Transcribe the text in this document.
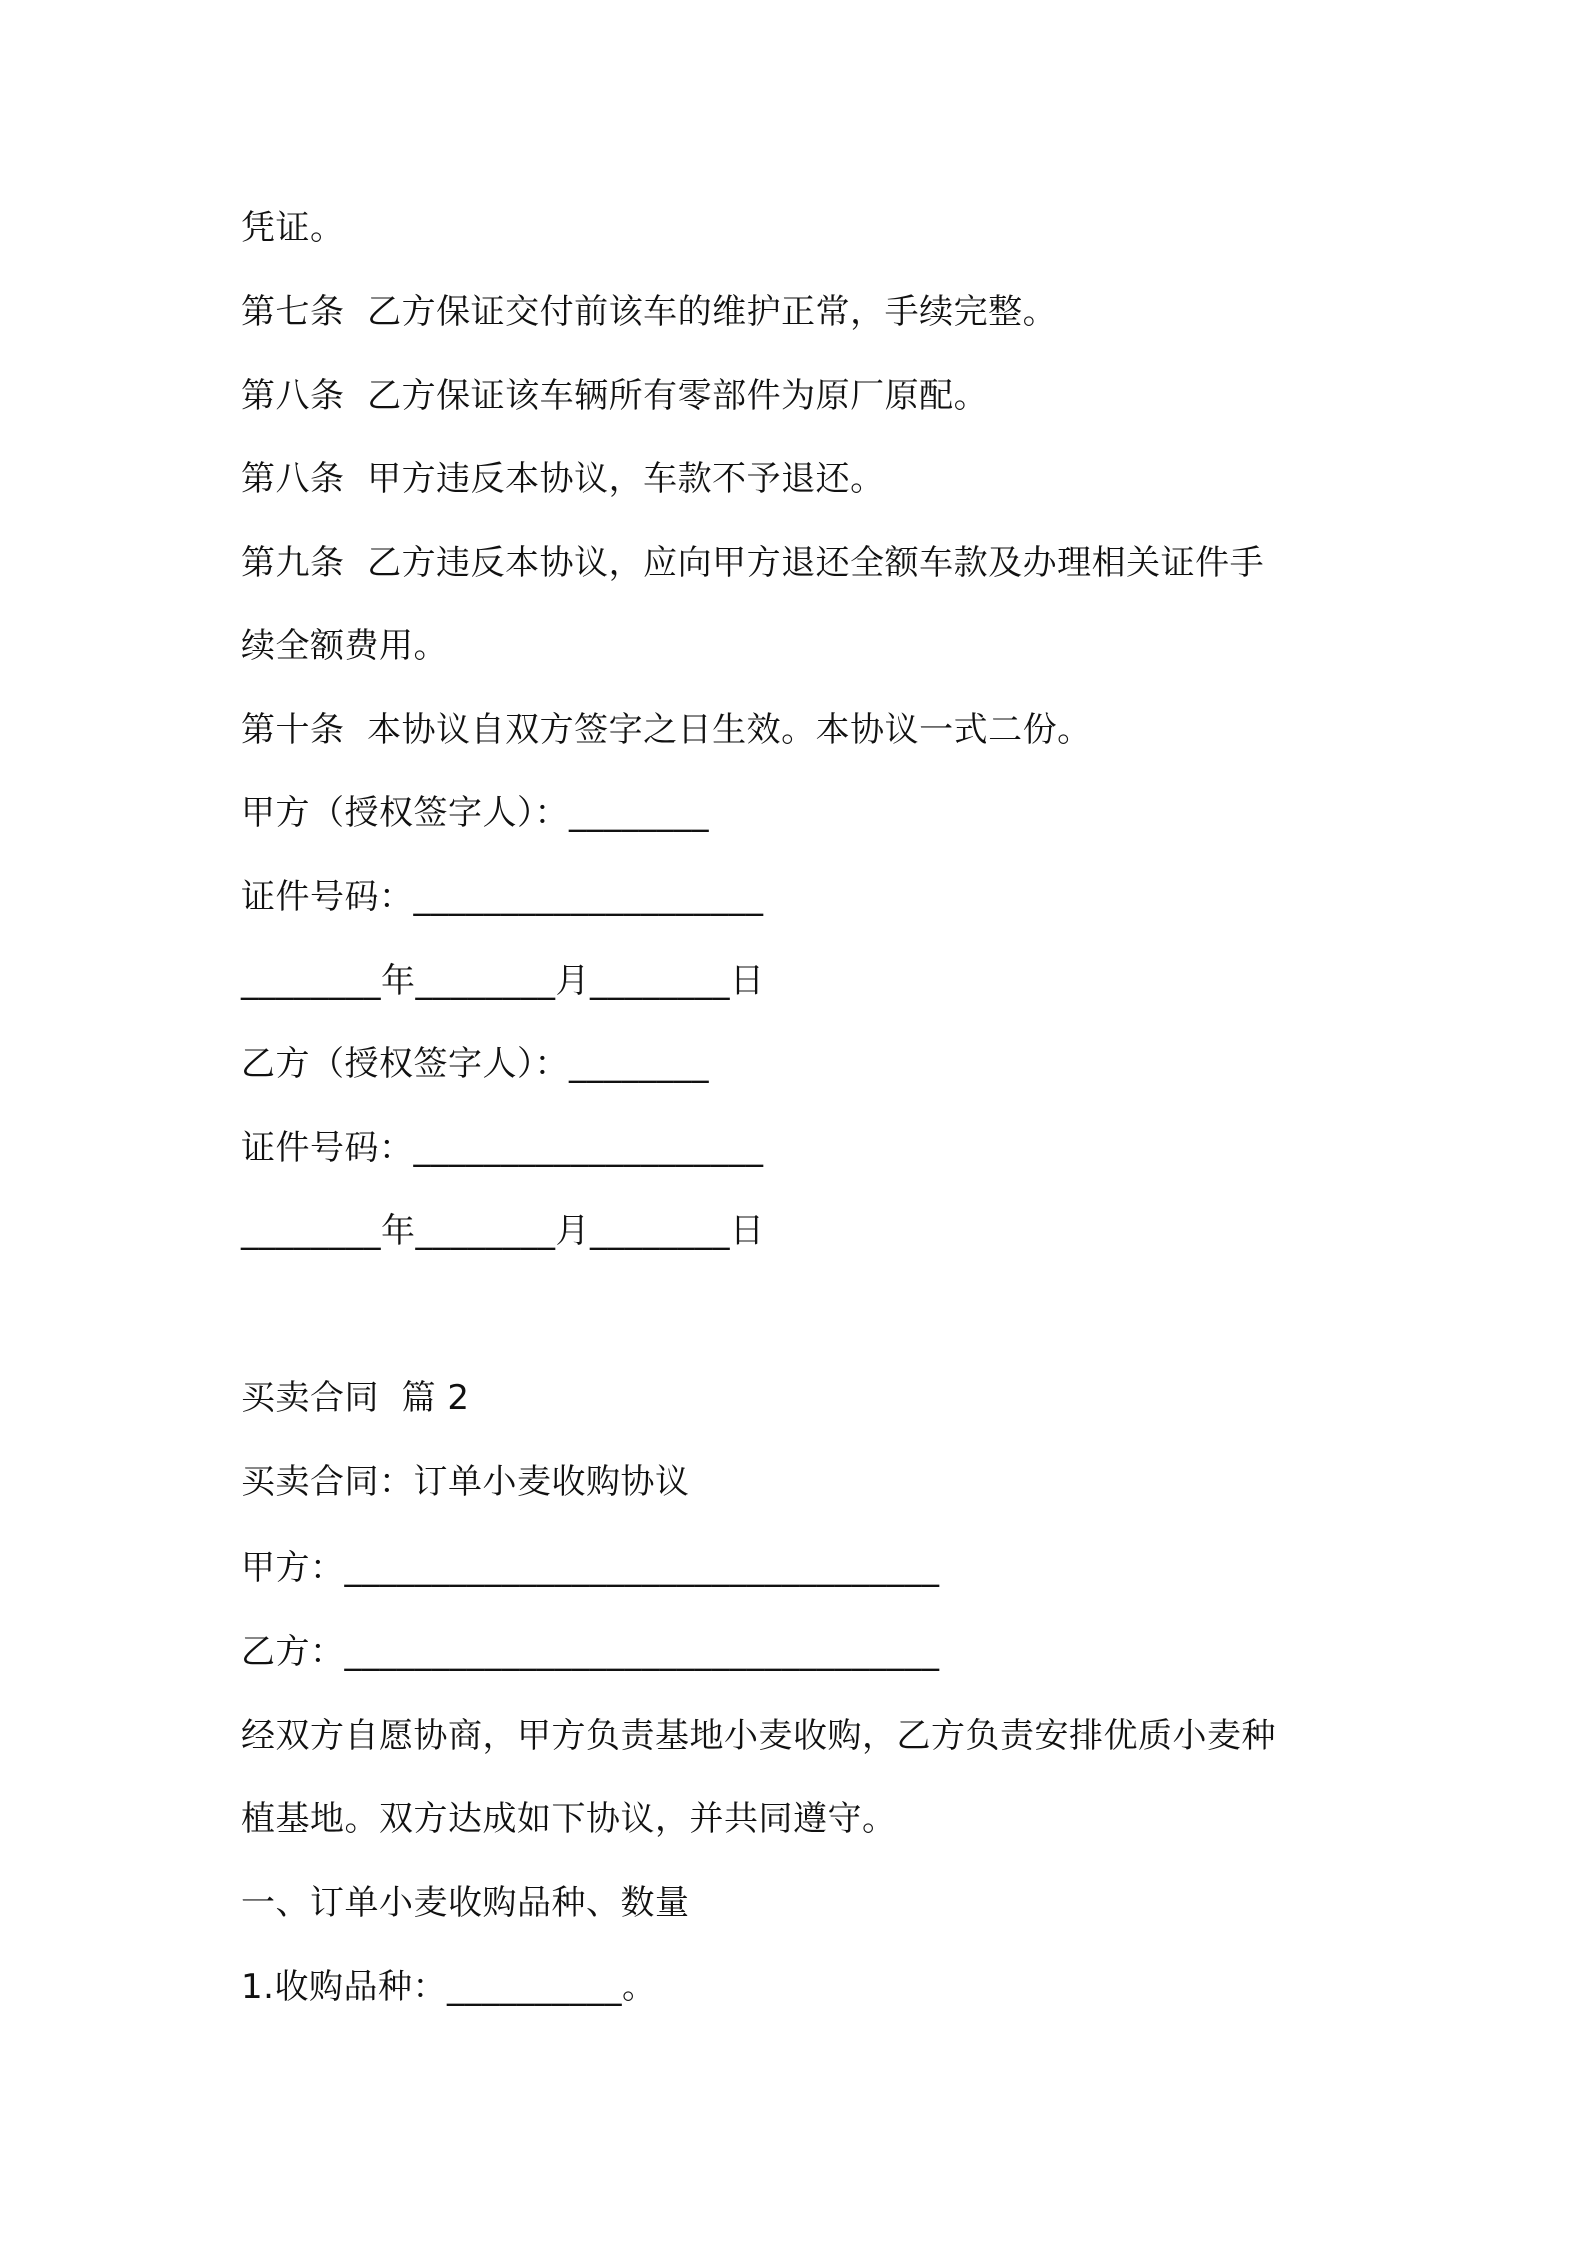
凭证。
第七条  乙方保证交付前该车的维护正常，手续完整。
第八条  乙方保证该车辆所有零部件为原厂原配。
第八条  甲方违反本协议，车款不予退还。
第九条  乙方违反本协议，应向甲方退还全额车款及办理相关证件手
续全额费用。
第十条  本协议自双方签字之日生效。本协议一式二份。
甲方（授权签字人）：________
证件号码：____________________
________年________月________日
乙方（授权签字人）：________
证件号码：____________________
________年________月________日
买卖合同  篇 2
买卖合同：订单小麦收购协议
甲方：__________________________________
乙方：__________________________________
经双方自愿协商，甲方负责基地小麦收购，乙方负责安排优质小麦种
植基地。双方达成如下协议，并共同遵守。
一、订单小麦收购品种、数量
1.收购品种：__________。
